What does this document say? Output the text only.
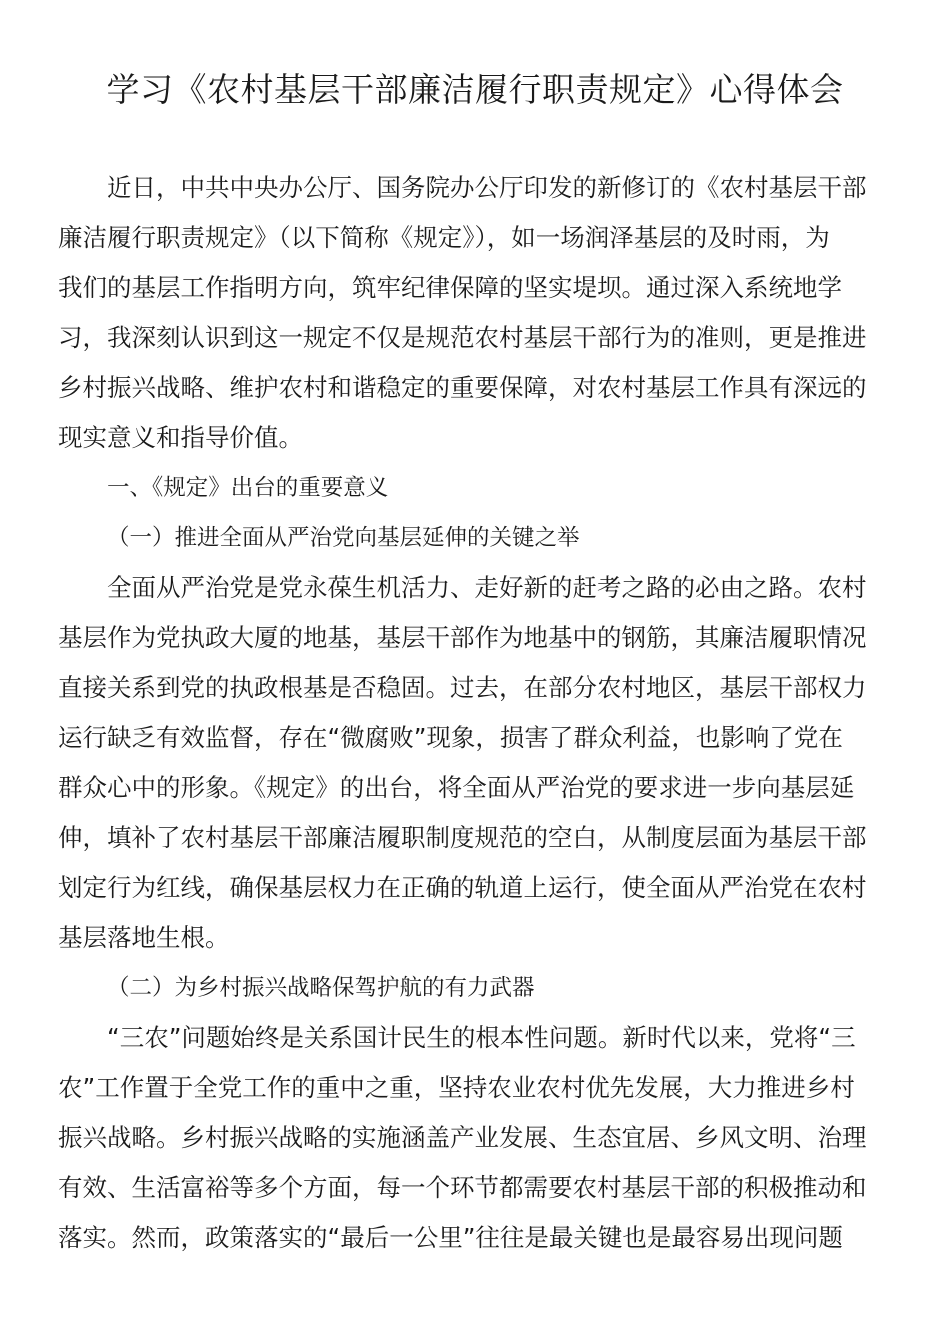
学习《农村基层干部廉洁履行职责规定》心得体会
近日，中共中央办公厅、国务院办公厅印发的新修订的《农村基层干部
廉洁履行职责规定》（以下简称《规定》），如一场润泽基层的及时雨，为
我们的基层工作指明方向，筑牢纪律保障的坚实堤坝。通过深入系统地学
习，我深刻认识到这一规定不仅是规范农村基层干部行为的准则，更是推进
乡村振兴战略、维护农村和谐稳定的重要保障，对农村基层工作具有深远的
现实意义和指导价值。
一、《规定》出台的重要意义
（一）推进全面从严治党向基层延伸的关键之举
全面从严治党是党永葆生机活力、走好新的赶考之路的必由之路。农村
基层作为党执政大厦的地基，基层干部作为地基中的钢筋，其廉洁履职情况
直接关系到党的执政根基是否稳固。过去，在部分农村地区，基层干部权力
运行缺乏有效监督，存在“微腐败”现象，损害了群众利益，也影响了党在
群众心中的形象。《规定》的出台，将全面从严治党的要求进一步向基层延
伸，填补了农村基层干部廉洁履职制度规范的空白，从制度层面为基层干部
划定行为红线，确保基层权力在正确的轨道上运行，使全面从严治党在农村
基层落地生根。
（二）为乡村振兴战略保驾护航的有力武器
“三农”问题始终是关系国计民生的根本性问题。新时代以来，党将“三
农”工作置于全党工作的重中之重，坚持农业农村优先发展，大力推进乡村
振兴战略。乡村振兴战略的实施涵盖产业发展、生态宜居、乡风文明、治理
有效、生活富裕等多个方面，每一个环节都需要农村基层干部的积极推动和
落实。然而，政策落实的“最后一公里”往往是最关键也是最容易出现问题
